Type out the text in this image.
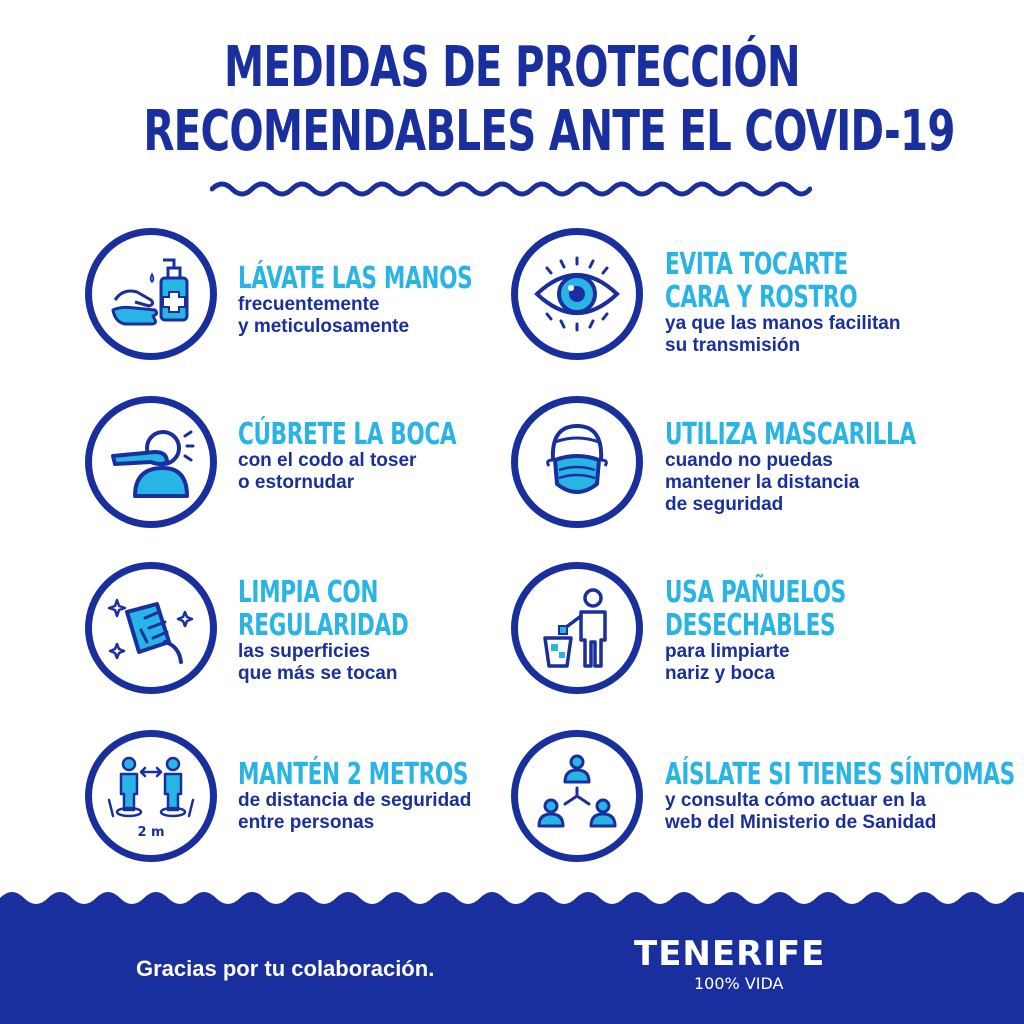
MEDIDAS DE PROTECCIÓN
RECOMENDABLES ANTE EL COVID-19
LÁVATE LAS MANOS
frecuentemente
y meticulosamente
EVITA TOCARTE
CARA Y ROSTRO
ya que las manos facilitan
su transmisión
CÚBRETE LA BOCA
con el codo al toser
o estornudar
UTILIZA MASCARILLA
cuando no puedas
mantener la distancia
de seguridad
LIMPIA CON
REGULARIDAD
las superficies
que más se tocan
USA PAÑUELOS
DESECHABLES
para limpiarte
nariz y boca
2 m
MANTÉN 2 METROS
de distancia de seguridad
entre personas
AÍSLATE SI TIENES SÍNTOMAS
y consulta cómo actuar en la
web del Ministerio de Sanidad
Gracias por tu colaboración.	TENERIFE
100% VIDA
